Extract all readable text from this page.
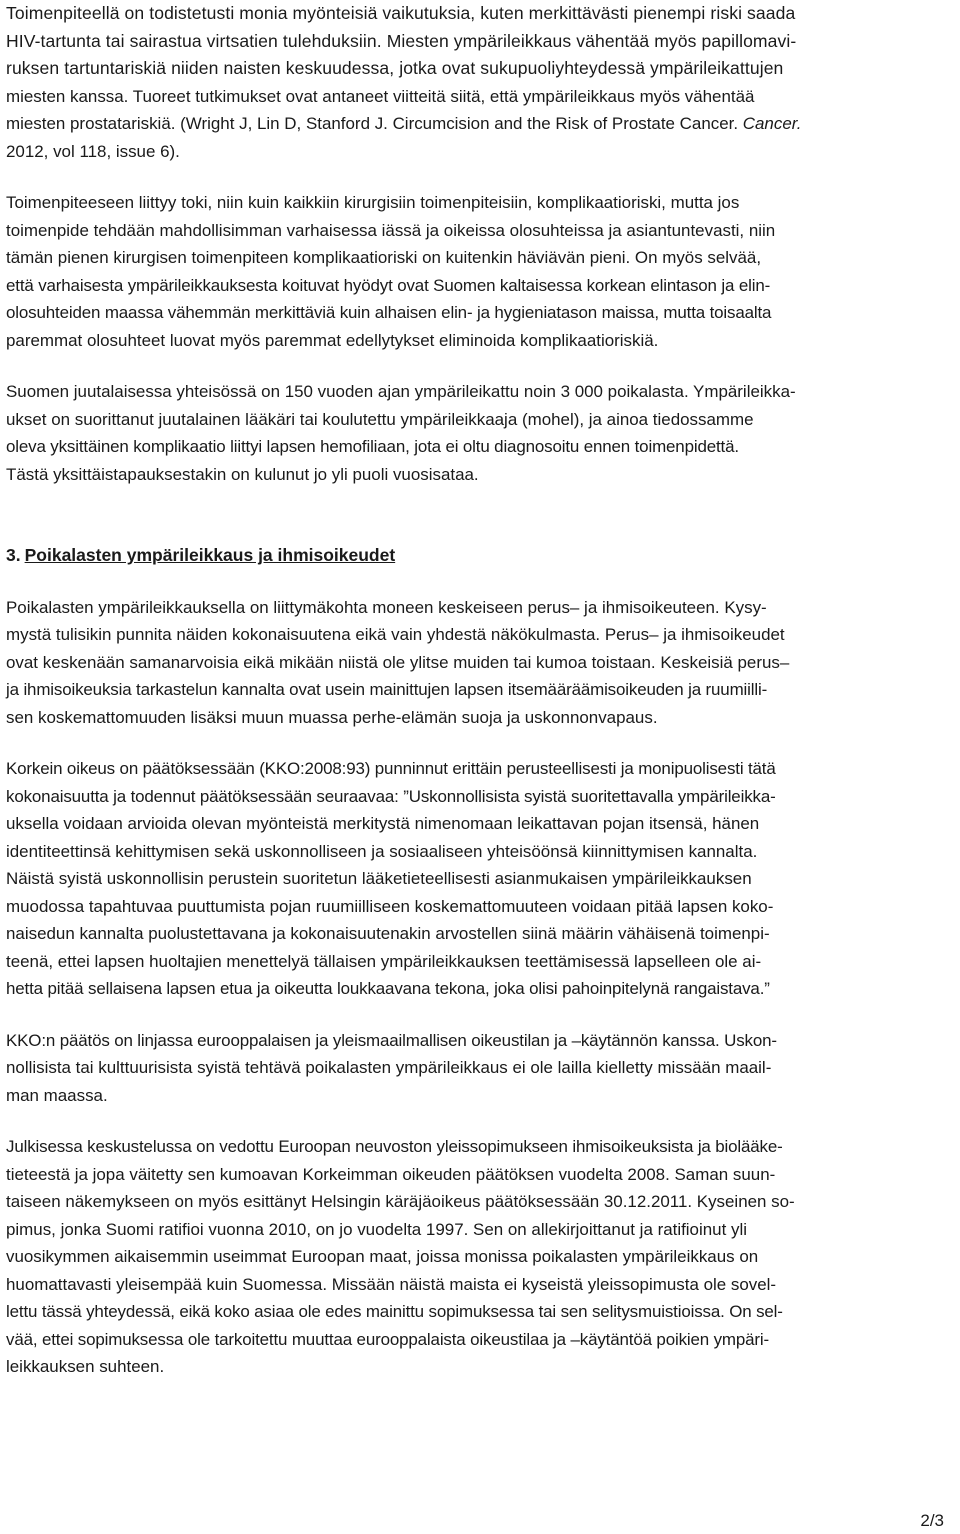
Toimenpiteellä on todistetusti monia myönteisiä vaikutuksia, kuten merkittävästi pienempi riski saada
HIV-tartunta tai sairastua virtsatien tulehduksiin. Miesten ympärileikkaus vähentää myös papillomavi-
ruksen tartuntariskiä niiden naisten keskuudessa, jotka ovat sukupuoliyhteydessä ympärileikattujen
miesten kanssa. Tuoreet tutkimukset ovat antaneet viitteitä siitä, että ympärileikkaus myös vähentää
miesten prostatariskiä. (Wright J, Lin D, Stanford J. Circumcision and the Risk of Prostate Cancer. Cancer.
2012, vol 118, issue 6).
Toimenpiteeseen liittyy toki, niin kuin kaikkiin kirurgisiin toimenpiteisiin, komplikaatioriski, mutta jos
toimenpide tehdään mahdollisimman varhaisessa iässä ja oikeissa olosuhteissa ja asiantuntevasti, niin
tämän pienen kirurgisen toimenpiteen komplikaatioriski on kuitenkin häviävän pieni. On myös selvää,
että varhaisesta ympärileikkauksesta koituvat hyödyt ovat Suomen kaltaisessa korkean elintason ja elin-
olosuhteiden maassa vähemmän merkittäviä kuin alhaisen elin- ja hygieniatason maissa, mutta toisaalta
paremmat olosuhteet luovat myös paremmat edellytykset eliminoida komplikaatioriskiä.
Suomen juutalaisessa yhteisössä on 150 vuoden ajan ympärileikattu noin 3 000 poikalasta. Ympärileikka-
ukset on suorittanut juutalainen lääkäri tai koulutettu ympärileikkaaja (mohel), ja ainoa tiedossamme
oleva yksittäinen komplikaatio liittyi lapsen hemofiliaan, jota ei oltu diagnosoitu ennen toimenpidettä.
Tästä yksittäistapauksestakin on kulunut jo yli puoli vuosisataa.
3. Poikalasten ympärileikkaus ja ihmisoikeudet
Poikalasten ympärileikkauksella on liittymäkohta moneen keskeiseen perus– ja ihmisoikeuteen. Kysy-
mystä tulisikin punnita näiden kokonaisuutena eikä vain yhdestä näkökulmasta. Perus– ja ihmisoikeudet
ovat keskenään samanarvoisia eikä mikään niistä ole ylitse muiden tai kumoa toistaan. Keskeisiä perus–
ja ihmisoikeuksia tarkastelun kannalta ovat usein mainittujen lapsen itsemääräämisoikeuden ja ruumiilli-
sen koskemattomuuden lisäksi muun muassa perhe-elämän suoja ja uskonnonvapaus.
Korkein oikeus on päätöksessään (KKO:2008:93) punninnut erittäin perusteellisesti ja monipuolisesti tätä
kokonaisuutta ja todennut päätöksessään seuraavaa: ”Uskonnollisista syistä suoritettavalla ympärileikka-
uksella voidaan arvioida olevan myönteistä merkitystä nimenomaan leikattavan pojan itsensä, hänen
identiteettinsä kehittymisen sekä uskonnolliseen ja sosiaaliseen yhteisöönsä kiinnittymisen kannalta.
Näistä syistä uskonnollisin perustein suoritetun lääketieteellisesti asianmukaisen ympärileikkauksen
muodossa tapahtuvaa puuttumista pojan ruumiilliseen koskemattomuuteen voidaan pitää lapsen koko-
naisedun kannalta puolustettavana ja kokonaisuutenakin arvostellen siinä määrin vähäisenä toimenpi-
teenä, ettei lapsen huoltajien menettelyä tällaisen ympärileikkauksen teettämisessä lapselleen ole ai-
hetta pitää sellaisena lapsen etua ja oikeutta loukkaavana tekona, joka olisi pahoinpitelynä rangaistava.”
KKO:n päätös on linjassa eurooppalaisen ja yleismaailmallisen oikeustilan ja –käytännön kanssa. Uskon-
nollisista tai kulttuurisista syistä tehtävä poikalasten ympärileikkaus ei ole lailla kielletty missään maail-
man maassa.
Julkisessa keskustelussa on vedottu Euroopan neuvoston yleissopimukseen ihmisoikeuksista ja biolääke-
tieteestä ja jopa väitetty sen kumoavan Korkeimman oikeuden päätöksen vuodelta 2008. Saman suun-
taiseen näkemykseen on myös esittänyt Helsingin käräjäoikeus päätöksessään 30.12.2011. Kyseinen so-
pimus, jonka Suomi ratifioi vuonna 2010, on jo vuodelta 1997. Sen on allekirjoittanut ja ratifioinut yli
vuosikymmen aikaisemmin useimmat Euroopan maat, joissa monissa poikalasten ympärileikkaus on
huomattavasti yleisempää kuin Suomessa. Missään näistä maista ei kyseistä yleissopimusta ole sovel-
lettu tässä yhteydessä, eikä koko asiaa ole edes mainittu sopimuksessa tai sen selitysmuistioissa. On sel-
vää, ettei sopimuksessa ole tarkoitettu muuttaa eurooppalaista oikeustilaa ja –käytäntöä poikien ympäri-
leikkauksen suhteen.
2/3
